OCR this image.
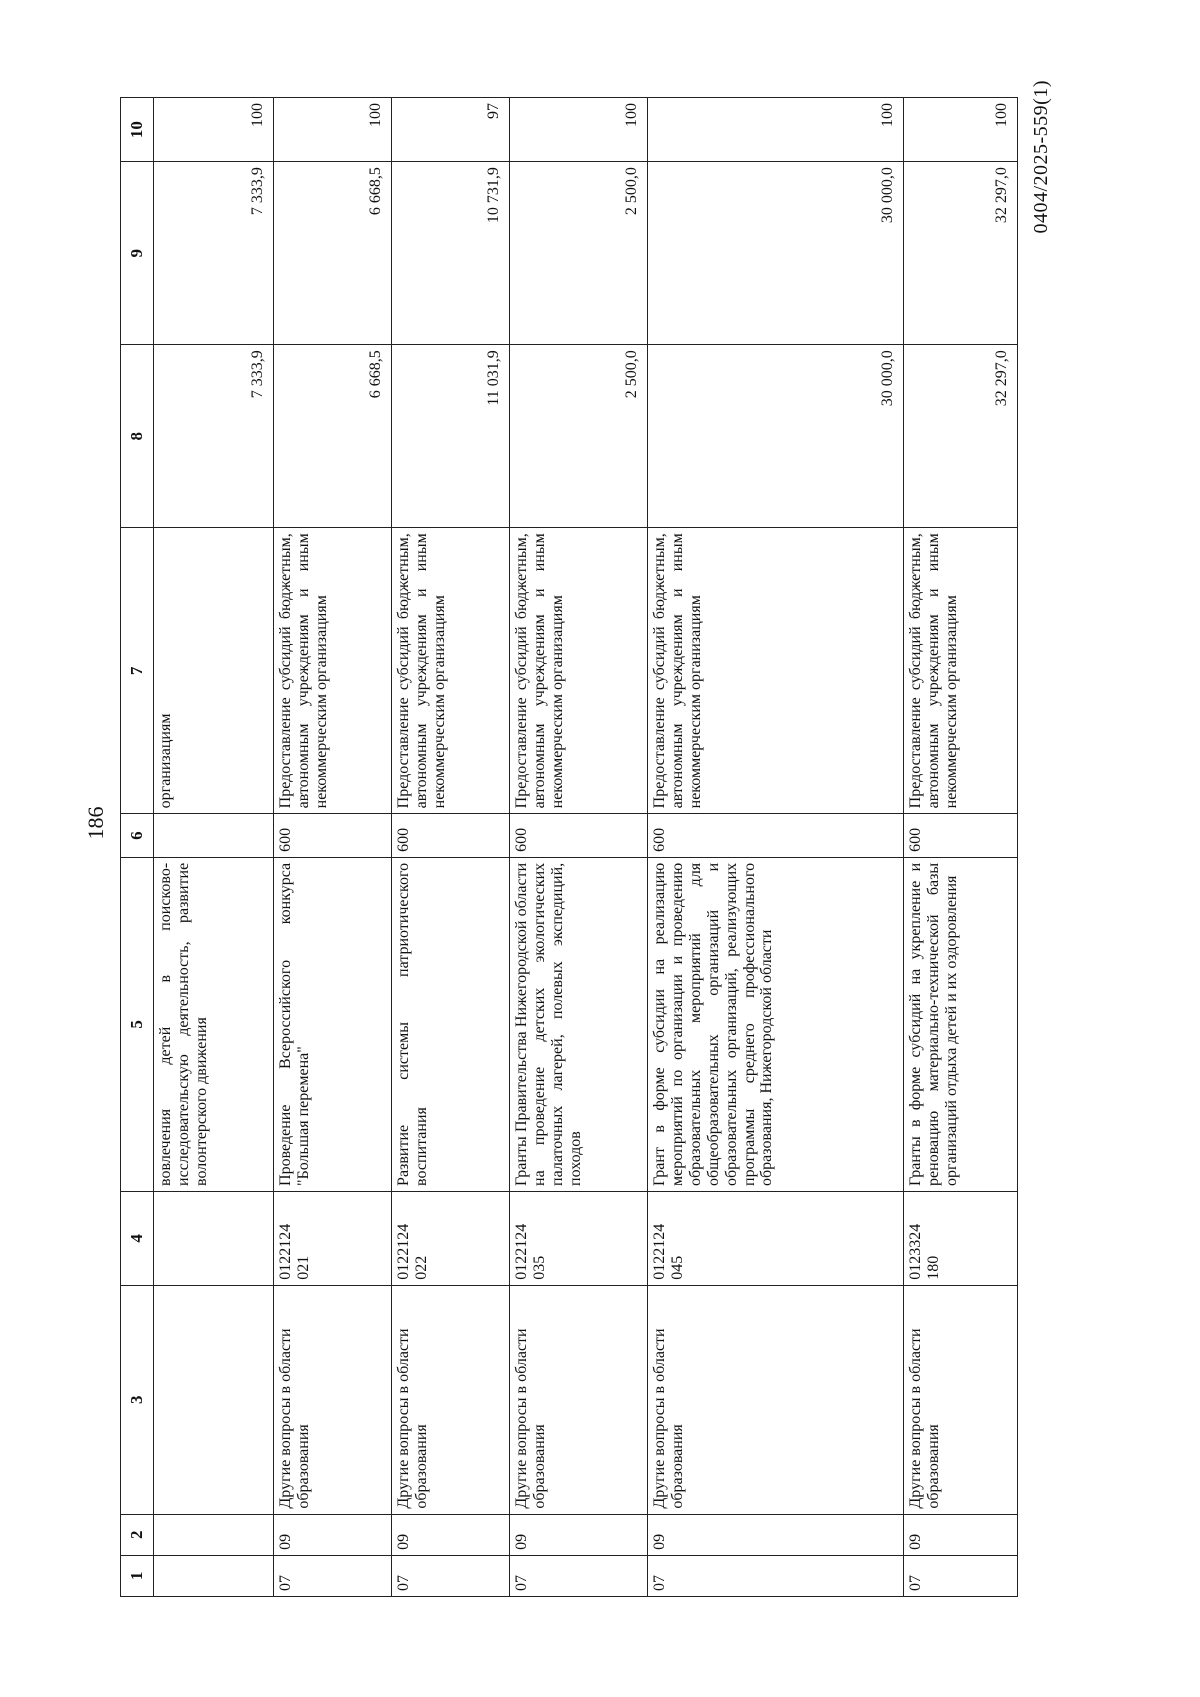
186
0404/2025-559(1)
1	2	3	4	5	6	7	8	9	10
				вовлечения детей в поисково-исследовательскую деятельность, развитие волонтерского движения		организациям	7 333,9	7 333,9	100
07	09	Другие вопросы в области образования	0122124 021	Проведение Всероссийского конкурса "Большая перемена"	600	Предоставление субсидий бюджетным, автономным учреждениям и иным некоммерческим организациям	6 668,5	6 668,5	100
07	09	Другие вопросы в области образования	0122124 022	Развитие системы патриотического воспитания	600	Предоставление субсидий бюджетным, автономным учреждениям и иным некоммерческим организациям	11 031,9	10 731,9	97
07	09	Другие вопросы в области образования	0122124 035	Гранты Правительства Нижегородской области на проведение детских экологических палаточных лагерей, полевых экспедиций, походов	600	Предоставление субсидий бюджетным, автономным учреждениям и иным некоммерческим организациям	2 500,0	2 500,0	100
07	09	Другие вопросы в области образования	0122124 045	Грант в форме субсидии на реализацию мероприятий по организации и проведению образовательных мероприятий для общеобразовательных организаций и образовательных организаций, реализующих программы среднего профессионального образования, Нижегородской области	600	Предоставление субсидий бюджетным, автономным учреждениям и иным некоммерческим организациям	30 000,0	30 000,0	100
07	09	Другие вопросы в области образования	0123324 180	Гранты в форме субсидий на укрепление и реновацию материально-технической базы организаций отдыха детей и их оздоровления	600	Предоставление субсидий бюджетным, автономным учреждениям и иным некоммерческим организациям	32 297,0	32 297,0	100
